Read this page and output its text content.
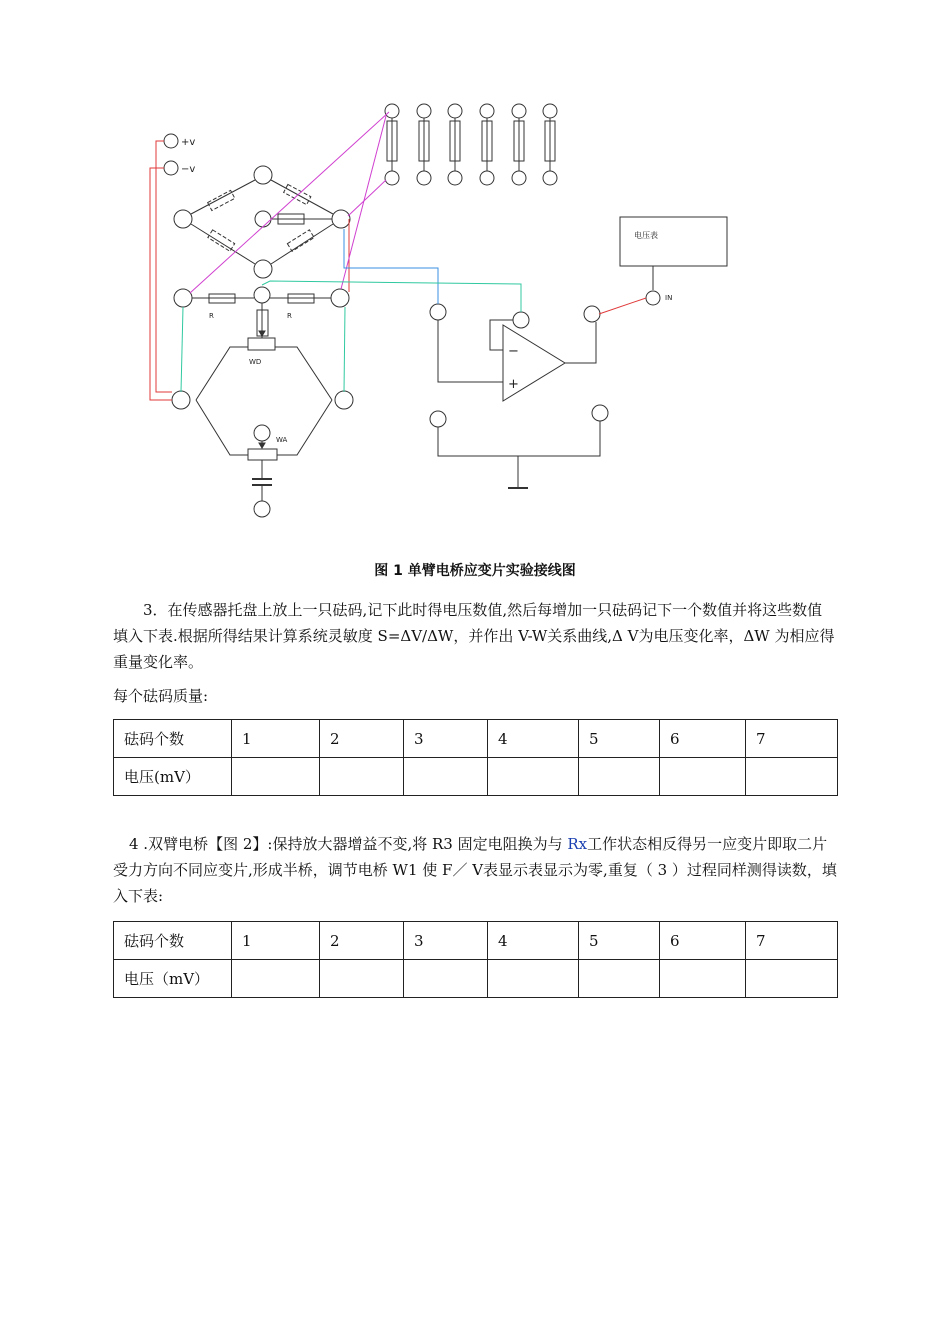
+v
−v
R	R
WD
WA
电压表
IN
−
+
图 1 单臂电桥应变片实验接线图

3．在传感器托盘上放上一只砝码,记下此时得电压数值,然后每增加一只砝码记下一个数值并将这些数值填入下表.根据所得结果计算系统灵敏度 S=ΔV/ΔW，并作出 V-W关系曲线,Δ V为电压变化率，ΔW 为相应得重量变化率。

每个砝码质量:

砝码个数	1	2	3	4	5	6	7
电压(mV）							

4 .双臂电桥【图 2】:保持放大器增益不变,将 R3 固定电阻换为与 Rx工作状态相反得另一应变片即取二片受力方向不同应变片,形成半桥，调节电桥 W1 使 F／ V表显示表显示为零,重复（ 3 ）过程同样测得读数，填入下表:

砝码个数	1	2	3	4	5	6	7
电压（mV）							
